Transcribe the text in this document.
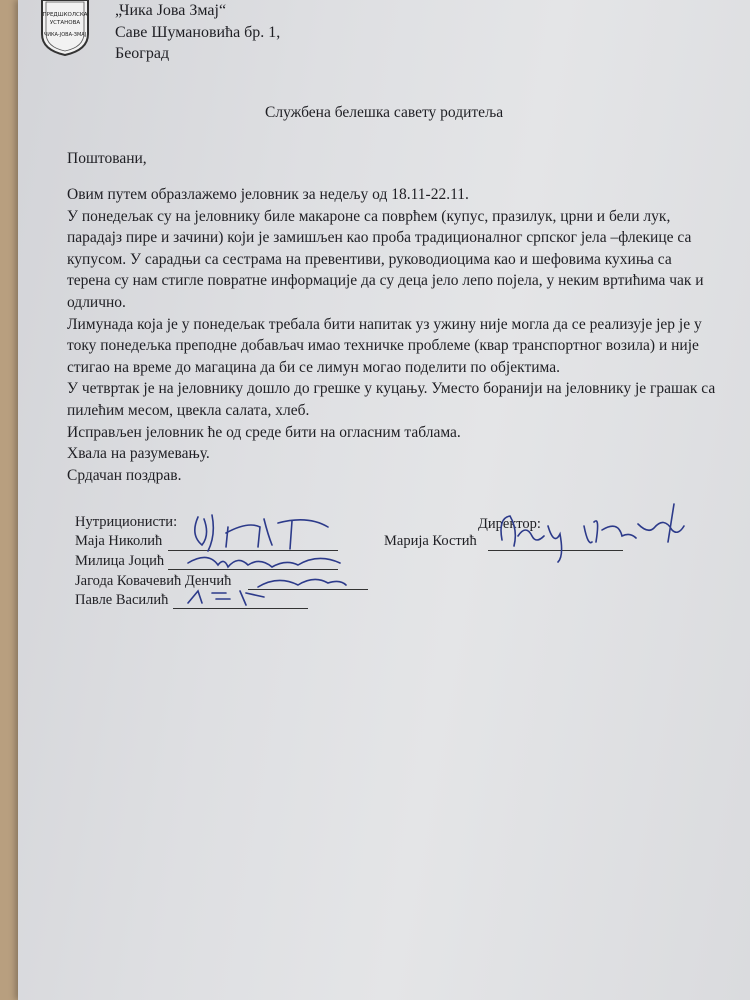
ПРЕДШКОЛСКА
УСТАНОВА
ЧИКА-ЈОВА-ЗМАЈ
„Чика Јова Змај“
Саве Шумановића бр. 1,
Београд
Службена белешка савету родитеља
Поштовани,
Овим путем образлажемо јеловник за недељу од 18.11-22.11.
У понедељак су на јеловнику биле макароне са поврћем (купус, празилук, црни и бели лук,
парадајз пире и зачини) који је замишљен као проба традиционалног српског јела –флекице са
купусом. У сарадњи са сестрама на превентиви, руководиоцима као и шефовима кухиња са
терена су нам стигле повратне информације да су деца јело лепо појела, у неким вртићима чак и
одлично.
Лимунада која је у понедељак требала бити напитак уз ужину није могла да се реализује јер је у
току понедељка преподне добављач имао техничке проблеме (квар транспортног возила) и није
стигао на време до магацина да би се лимун могао поделити по објектима.
У четвртак је на јеловнику дошло до грешке у куцању. Уместо боранији на јеловнику је грашак са
пилећим месом, цвекла салата, хлеб.
Исправљен јеловник ће од среде бити на огласним таблама.
Хвала на разумевању.
Срдачан поздрав.
Нутриционисти:
Маја Николић
Милица Јоцић
Јагода Ковачевић Денчић
Павле Василић
Директор:
Марија Костић
